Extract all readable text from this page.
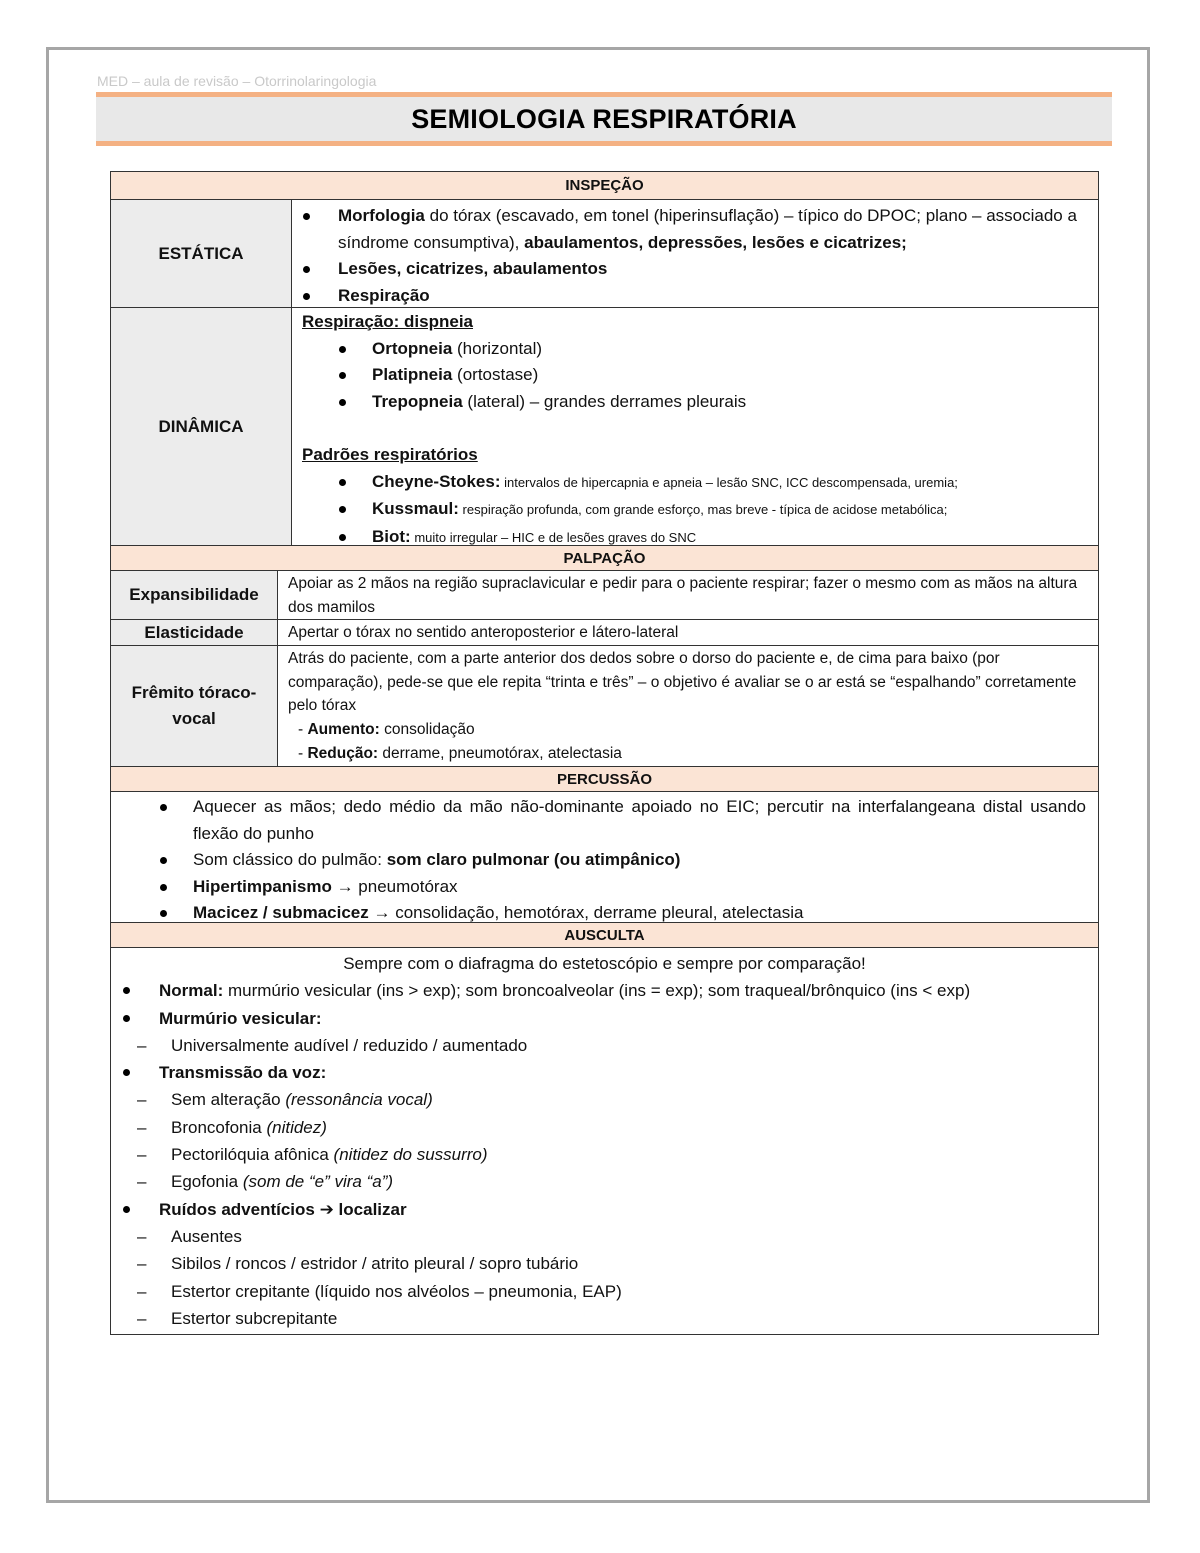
MED – aula de revisão – Otorrinolaringologia
SEMIOLOGIA RESPIRATÓRIA
INSPEÇÃO
ESTÁTICA
Morfologia do tórax (escavado, em tonel (hiperinsuflação) – típico do DPOC; plano – associado a síndrome consumptiva), abaulamentos, depressões, lesões e cicatrizes;
Lesões, cicatrizes, abaulamentos
Respiração
DINÂMICA
Respiração: dispneia
Ortopneia (horizontal)
Platipneia (ortostase)
Trepopneia (lateral) – grandes derrames pleurais
Padrões respiratórios
Cheyne-Stokes: intervalos de hipercapnia e apneia – lesão SNC, ICC descompensada, uremia;
Kussmaul: respiração profunda, com grande esforço, mas breve - típica de acidose metabólica;
Biot: muito irregular – HIC e de lesões graves do SNC
PALPAÇÃO
Expansibilidade
Apoiar as 2 mãos na região supraclavicular e pedir para o paciente respirar; fazer o mesmo com as mãos na altura dos mamilos
Elasticidade	Apertar o tórax no sentido anteroposterior e látero-lateral
Frêmito tóraco-vocal
Atrás do paciente, com a parte anterior dos dedos sobre o dorso do paciente e, de cima para baixo (por comparação), pede-se que ele repita “trinta e três” – o objetivo é avaliar se o ar está se “espalhando” corretamente pelo tórax
- Aumento: consolidação
- Redução: derrame, pneumotórax, atelectasia
PERCUSSÃO
Aquecer as mãos; dedo médio da mão não-dominante apoiado no EIC; percutir na interfalangeana distal usando flexão do punho
Som clássico do pulmão: som claro pulmonar (ou atimpânico)
Hipertimpanismo → pneumotórax
Macicez / submacicez → consolidação, hemotórax, derrame pleural, atelectasia
AUSCULTA
Sempre com o diafragma do estetoscópio e sempre por comparação!
Normal: murmúrio vesicular (ins > exp); som broncoalveolar (ins = exp); som traqueal/brônquico (ins < exp)
Murmúrio vesicular:
– Universalmente audível / reduzido / aumentado
Transmissão da voz:
– Sem alteração (ressonância vocal)
– Broncofonia (nitidez)
– Pectorilóquia afônica (nitidez do sussurro)
– Egofonia (som de “e” vira “a”)
Ruídos adventícios ➔ localizar
– Ausentes
– Sibilos / roncos / estridor / atrito pleural / sopro tubário
– Estertor crepitante (líquido nos alvéolos – pneumonia, EAP)
– Estertor subcrepitante
